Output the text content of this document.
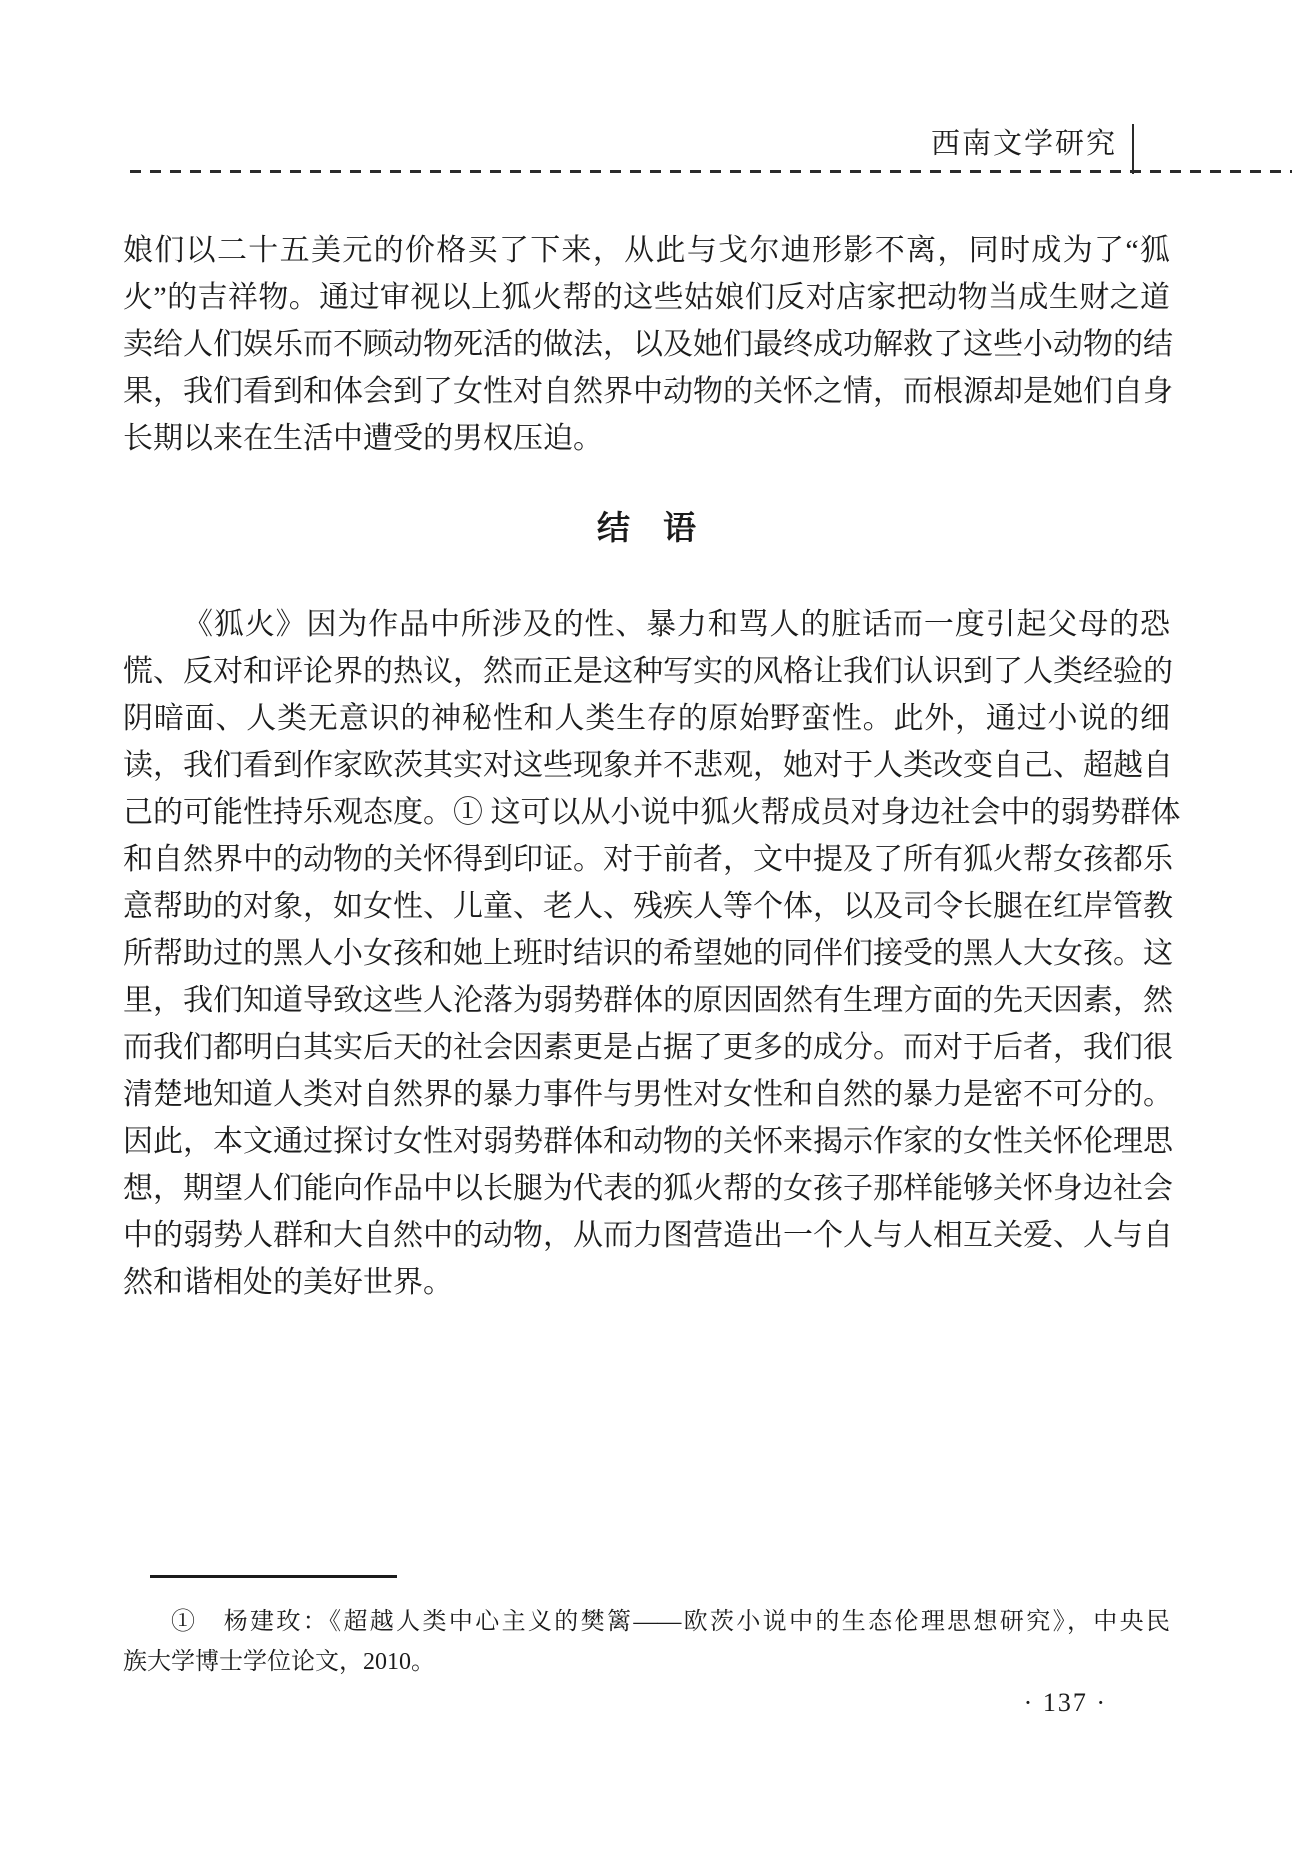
西南文学研究
娘们以二十五美元的价格买了下来，从此与戈尔迪形影不离，同时成为了“狐
火”的吉祥物。通过审视以上狐火帮的这些姑娘们反对店家把动物当成生财之道
卖给人们娱乐而不顾动物死活的做法，以及她们最终成功解救了这些小动物的结
果，我们看到和体会到了女性对自然界中动物的关怀之情，而根源却是她们自身
长期以来在生活中遭受的男权压迫。
结　语
《狐火》因为作品中所涉及的性、暴力和骂人的脏话而一度引起父母的恐
慌、反对和评论界的热议，然而正是这种写实的风格让我们认识到了人类经验的
阴暗面、人类无意识的神秘性和人类生存的原始野蛮性。此外，通过小说的细
读，我们看到作家欧茨其实对这些现象并不悲观，她对于人类改变自己、超越自
己的可能性持乐观态度。① 这可以从小说中狐火帮成员对身边社会中的弱势群体
和自然界中的动物的关怀得到印证。对于前者，文中提及了所有狐火帮女孩都乐
意帮助的对象，如女性、儿童、老人、残疾人等个体，以及司令长腿在红岸管教
所帮助过的黑人小女孩和她上班时结识的希望她的同伴们接受的黑人大女孩。这
里，我们知道导致这些人沦落为弱势群体的原因固然有生理方面的先天因素，然
而我们都明白其实后天的社会因素更是占据了更多的成分。而对于后者，我们很
清楚地知道人类对自然界的暴力事件与男性对女性和自然的暴力是密不可分的。
因此，本文通过探讨女性对弱势群体和动物的关怀来揭示作家的女性关怀伦理思
想，期望人们能向作品中以长腿为代表的狐火帮的女孩子那样能够关怀身边社会
中的弱势人群和大自然中的动物，从而力图营造出一个人与人相互关爱、人与自
然和谐相处的美好世界。
①　杨建玫：《超越人类中心主义的樊篱——欧茨小说中的生态伦理思想研究》，中央民
族大学博士学位论文，2010。
· 137 ·
